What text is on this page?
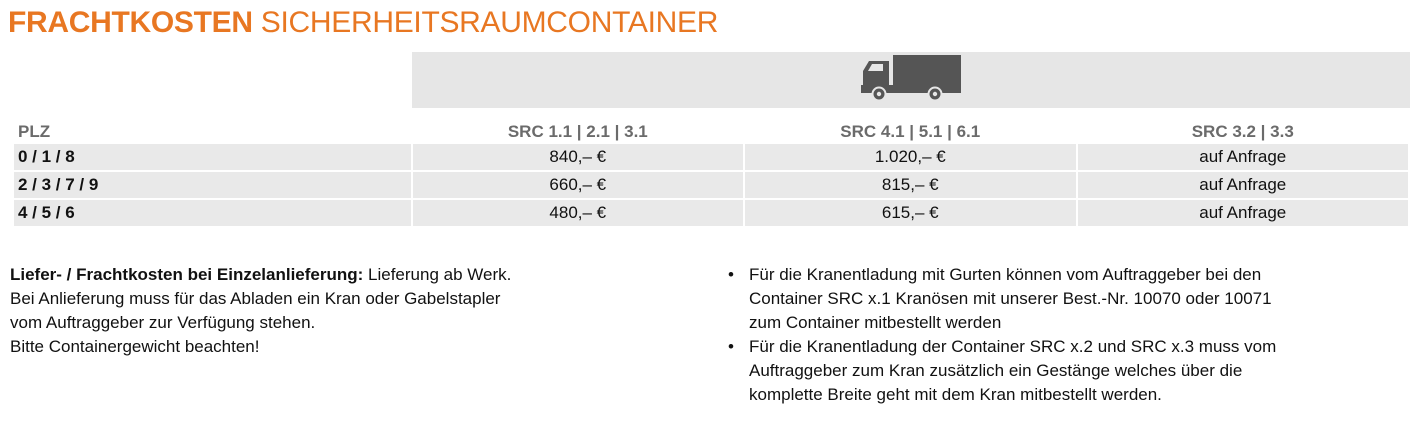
FRACHTKOSTEN SICHERHEITSRAUMCONTAINER
PLZ	SRC 1.1 | 2.1 | 3.1	SRC 4.1 | 5.1 | 6.1	SRC 3.2 | 3.3
0 / 1 / 8	840,– €	1.020,– €	auf Anfrage
2 / 3 / 7 / 9	660,– €	815,– €	auf Anfrage
4 / 5 / 6	480,– €	615,– €	auf Anfrage

Liefer- / Frachtkosten bei Einzelanlieferung: Lieferung ab Werk.

Bei Anlieferung muss für das Abladen ein Kran oder Gabelstapler

vom Auftraggeber zur Verfügung stehen.

Bitte Containergewicht beachten!

• Für die Kranentladung mit Gurten können vom Auftraggeber bei den
Container SRC x.1 Kranösen mit unserer Best.-Nr. 10070 oder 10071
zum Container mitbestellt werden
• Für die Kranentladung der Container SRC x.2 und SRC x.3 muss vom
Auftraggeber zum Kran zusätzlich ein Gestänge welches über die
komplette Breite geht mit dem Kran mitbestellt werden.
